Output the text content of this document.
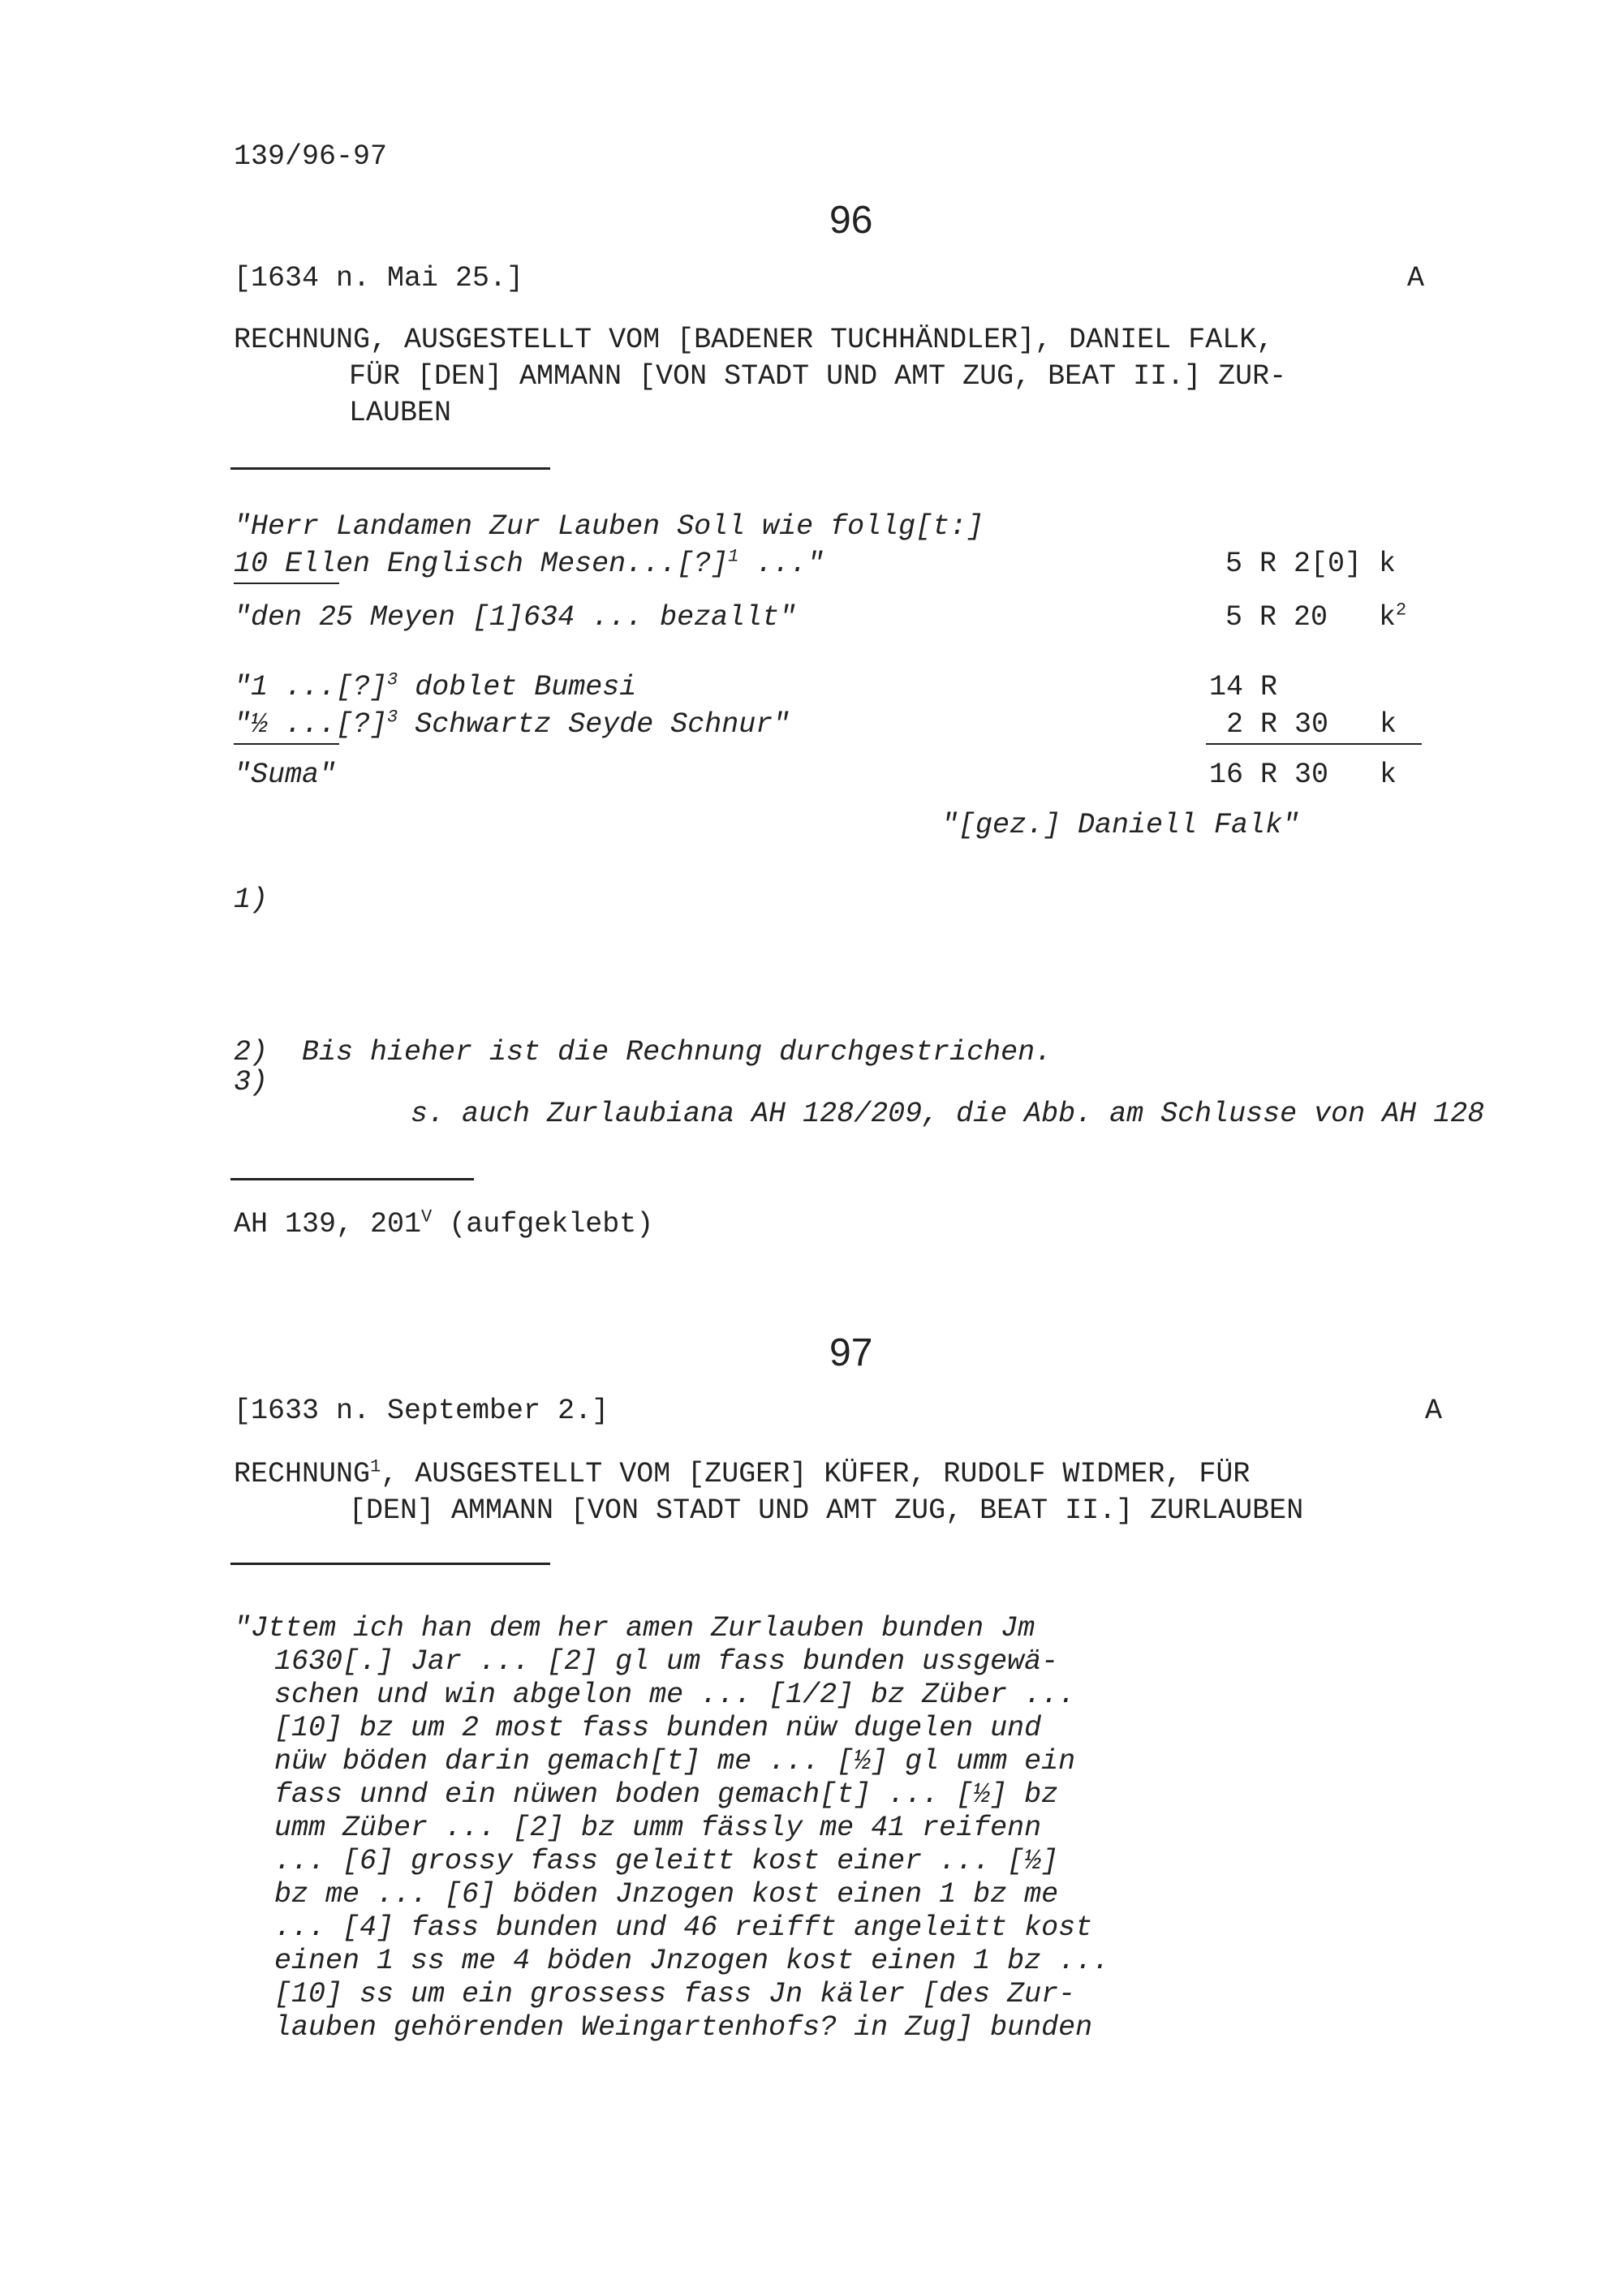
139/96-97
96
[1634 n. Mai 25.]	A
RECHNUNG, AUSGESTELLT VOM [BADENER TUCHHÄNDLER], DANIEL FALK,
FÜR [DEN] AMMANN [VON STADT UND AMT ZUG, BEAT II.] ZUR-
LAUBEN
"Herr Landamen Zur Lauben Soll wie follg[t:]
10 Ellen Englisch Mesen...[?]$^1$ ..."	5 R 2[0] k
"den 25 Meyen [1]634 ... bezallt"	5 R 20   $k^2$
"1 ...[?]$^3$ doblet Bumesi	14 R
"½ ...[?]$^3$ Schwartz Seyde Schnur"	2 R 30   k
"Suma"	16 R 30   k
"[gez.] Daniell Falk"
1)
2)  Bis hieher ist die Rechnung durchgestrichen.
3)
s. auch Zurlaubiana AH 128/209, die Abb. am Schlusse von AH 128
AH 139, $201^V$ (aufgeklebt)
97
[1633 n. September 2.]	A
RECHNUNG$^1$, AUSGESTELLT VOM [ZUGER] KÜFER, RUDOLF WIDMER, FÜR
[DEN] AMMANN [VON STADT UND AMT ZUG, BEAT II.] ZURLAUBEN
"Jttem ich han dem her amen Zurlauben bunden Jm
1630[.] Jar ... [2] gl um fass bunden ussgewä-
schen und win abgelon me ... [1/2] bz Züber ...
[10] bz um 2 most fass bunden nüw dugelen und
nüw böden darin gemach[t] me ... [½] gl umm ein
fass unnd ein nüwen boden gemach[t] ... [½] bz
umm Züber ... [2] bz umm fässly me 41 reifenn
... [6] grossy fass geleitt kost einer ... [½]
bz me ... [6] böden Jnzogen kost einen 1 bz me
... [4] fass bunden und 46 reifft angeleitt kost
einen 1 ss me 4 böden Jnzogen kost einen 1 bz ...
[10] ss um ein grossess fass Jn käler [des Zur-
lauben gehörenden Weingartenhofs? in Zug] bunden
